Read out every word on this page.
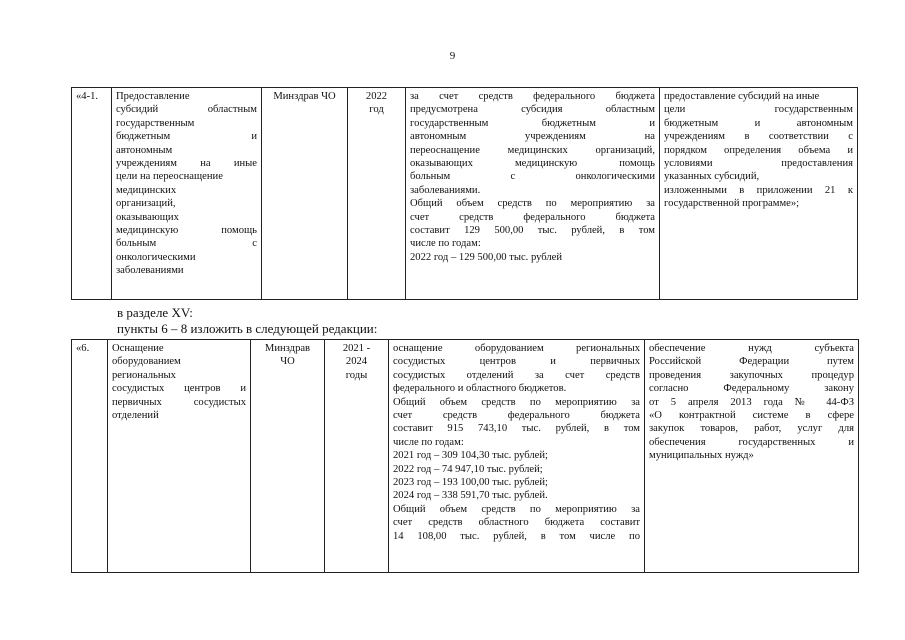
9
«4-1.	Предоставление
субсидий областным
государственным
бюджетным и
автономным
учреждениям на иные
цели на переоснащение
медицинских
организаций,
оказывающих
медицинскую помощь
больным с
онкологическими
заболеваниями
	Минздрав ЧО	2022
год

за счет средств федерального бюджета
предусмотрена субсидия областным
государственным бюджетным и
автономным учреждениям на
переоснащение медицинских организаций,
оказывающих медицинскую помощь
больным с онкологическими
заболеваниями.
Общий объем средств по мероприятию за
счет средств федерального бюджета
составит 129 500,00 тыс. рублей, в том
числе по годам:
2022 год – 129 500,00 тыс. рублей

предоставление субсидий на иные
цели государственным
бюджетным и автономным
учреждениям в соответствии с
порядком определения объема и
условиями предоставления
указанных субсидий,
изложенными в приложении 21 к
государственной программе»;
в разделе XV:
пункты 6 – 8 изложить в следующей редакции:
«6.	Оснащение
оборудованием
региональных
сосудистых центров и
первичных сосудистых
отделений

Минздрав
ЧО

2021 -
2024
годы

оснащение оборудованием региональных
сосудистых центров и первичных
сосудистых отделений за счет средств
федерального и областного бюджетов.
Общий объем средств по мероприятию за
счет средств федерального бюджета
составит 915 743,10 тыс. рублей, в том
числе по годам:
2021 год – 309 104,30 тыс. рублей;
2022 год – 74 947,10 тыс. рублей;
2023 год – 193 100,00 тыс. рублей;
2024 год – 338 591,70 тыс. рублей.
Общий объем средств по мероприятию за
счет средств областного бюджета составит
14 108,00 тыс. рублей, в том числе по

обеспечение нужд субъекта
Российской Федерации путем
проведения закупочных процедур
согласно Федеральному закону
от 5 апреля 2013 года № 44-ФЗ
«О контрактной системе в сфере
закупок товаров, работ, услуг для
обеспечения государственных и
муниципальных нужд»
